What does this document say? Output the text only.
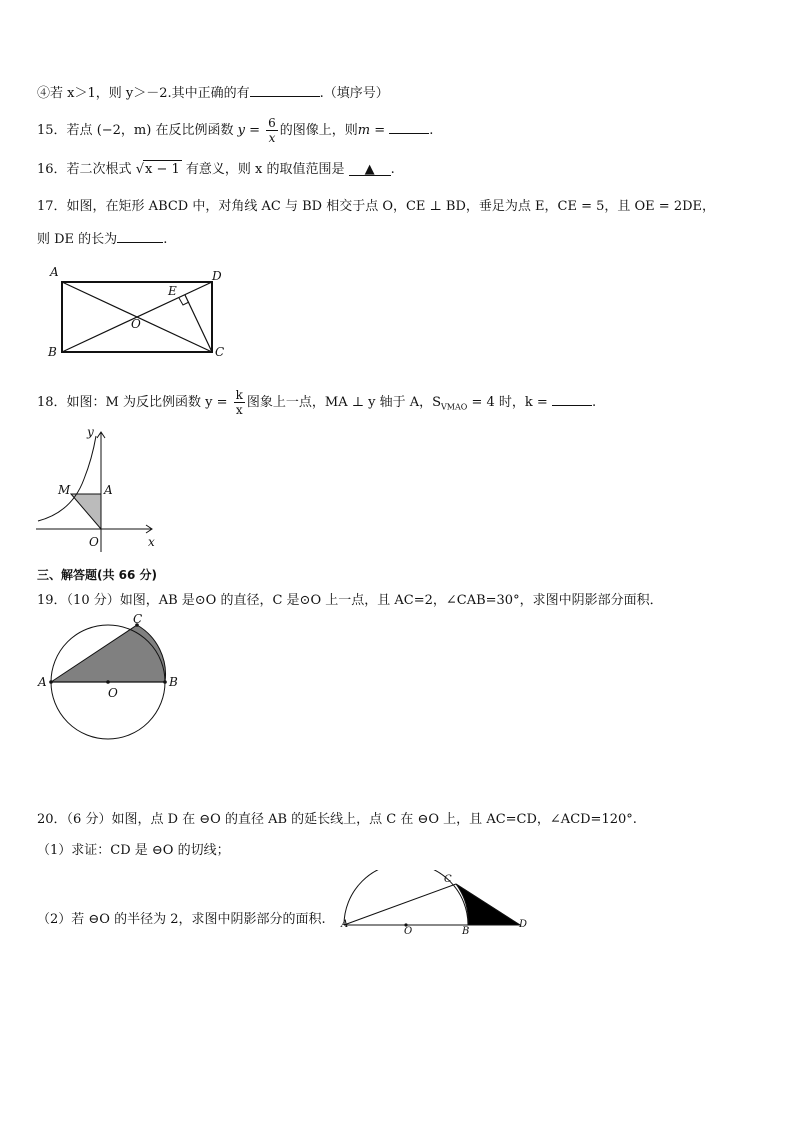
④若 x＞1，则 y＞－2.其中正确的有	.（填序号）
15．若点 (−2，m) 在反比例函数 $y = \frac{6}{x}$ 的图像上，则m =	.
16．若二次根式 √x − 1 有意义，则 x 的取值范围是 ▲ .
17．如图，在矩形 ABCD 中，对角线 AC 与 BD 相交于点 O，CE ⊥ BD，垂足为点 E，CE = 5，且 OE = 2DE，
则 DE 的长为	.
A
B	C
D
E
O
18．如图：M 为反比例函数 $y = \frac{k}{x}$ 图象上一点，MA ⊥ y 轴于 A，$S_{VMAO} = 4$ 时，k =	.
y
x
M	A
O
三、解答题(共 66 分)
19．（10 分）如图，AB 是⊙O 的直径，C 是⊙O 上一点，且 AC=2，∠CAB=30°，求图中阴影部分面积．
A	B
C
O
20．（6 分）如图，点 D 在 ⊖O 的直径 AB 的延长线上，点 C 在 ⊖O 上，且 AC=CD，∠ACD=120°.
（1）求证：CD 是 ⊖O 的切线；
（2）若 ⊖O 的半径为 2，求图中阴影部分的面积. A
O	B
C
D
